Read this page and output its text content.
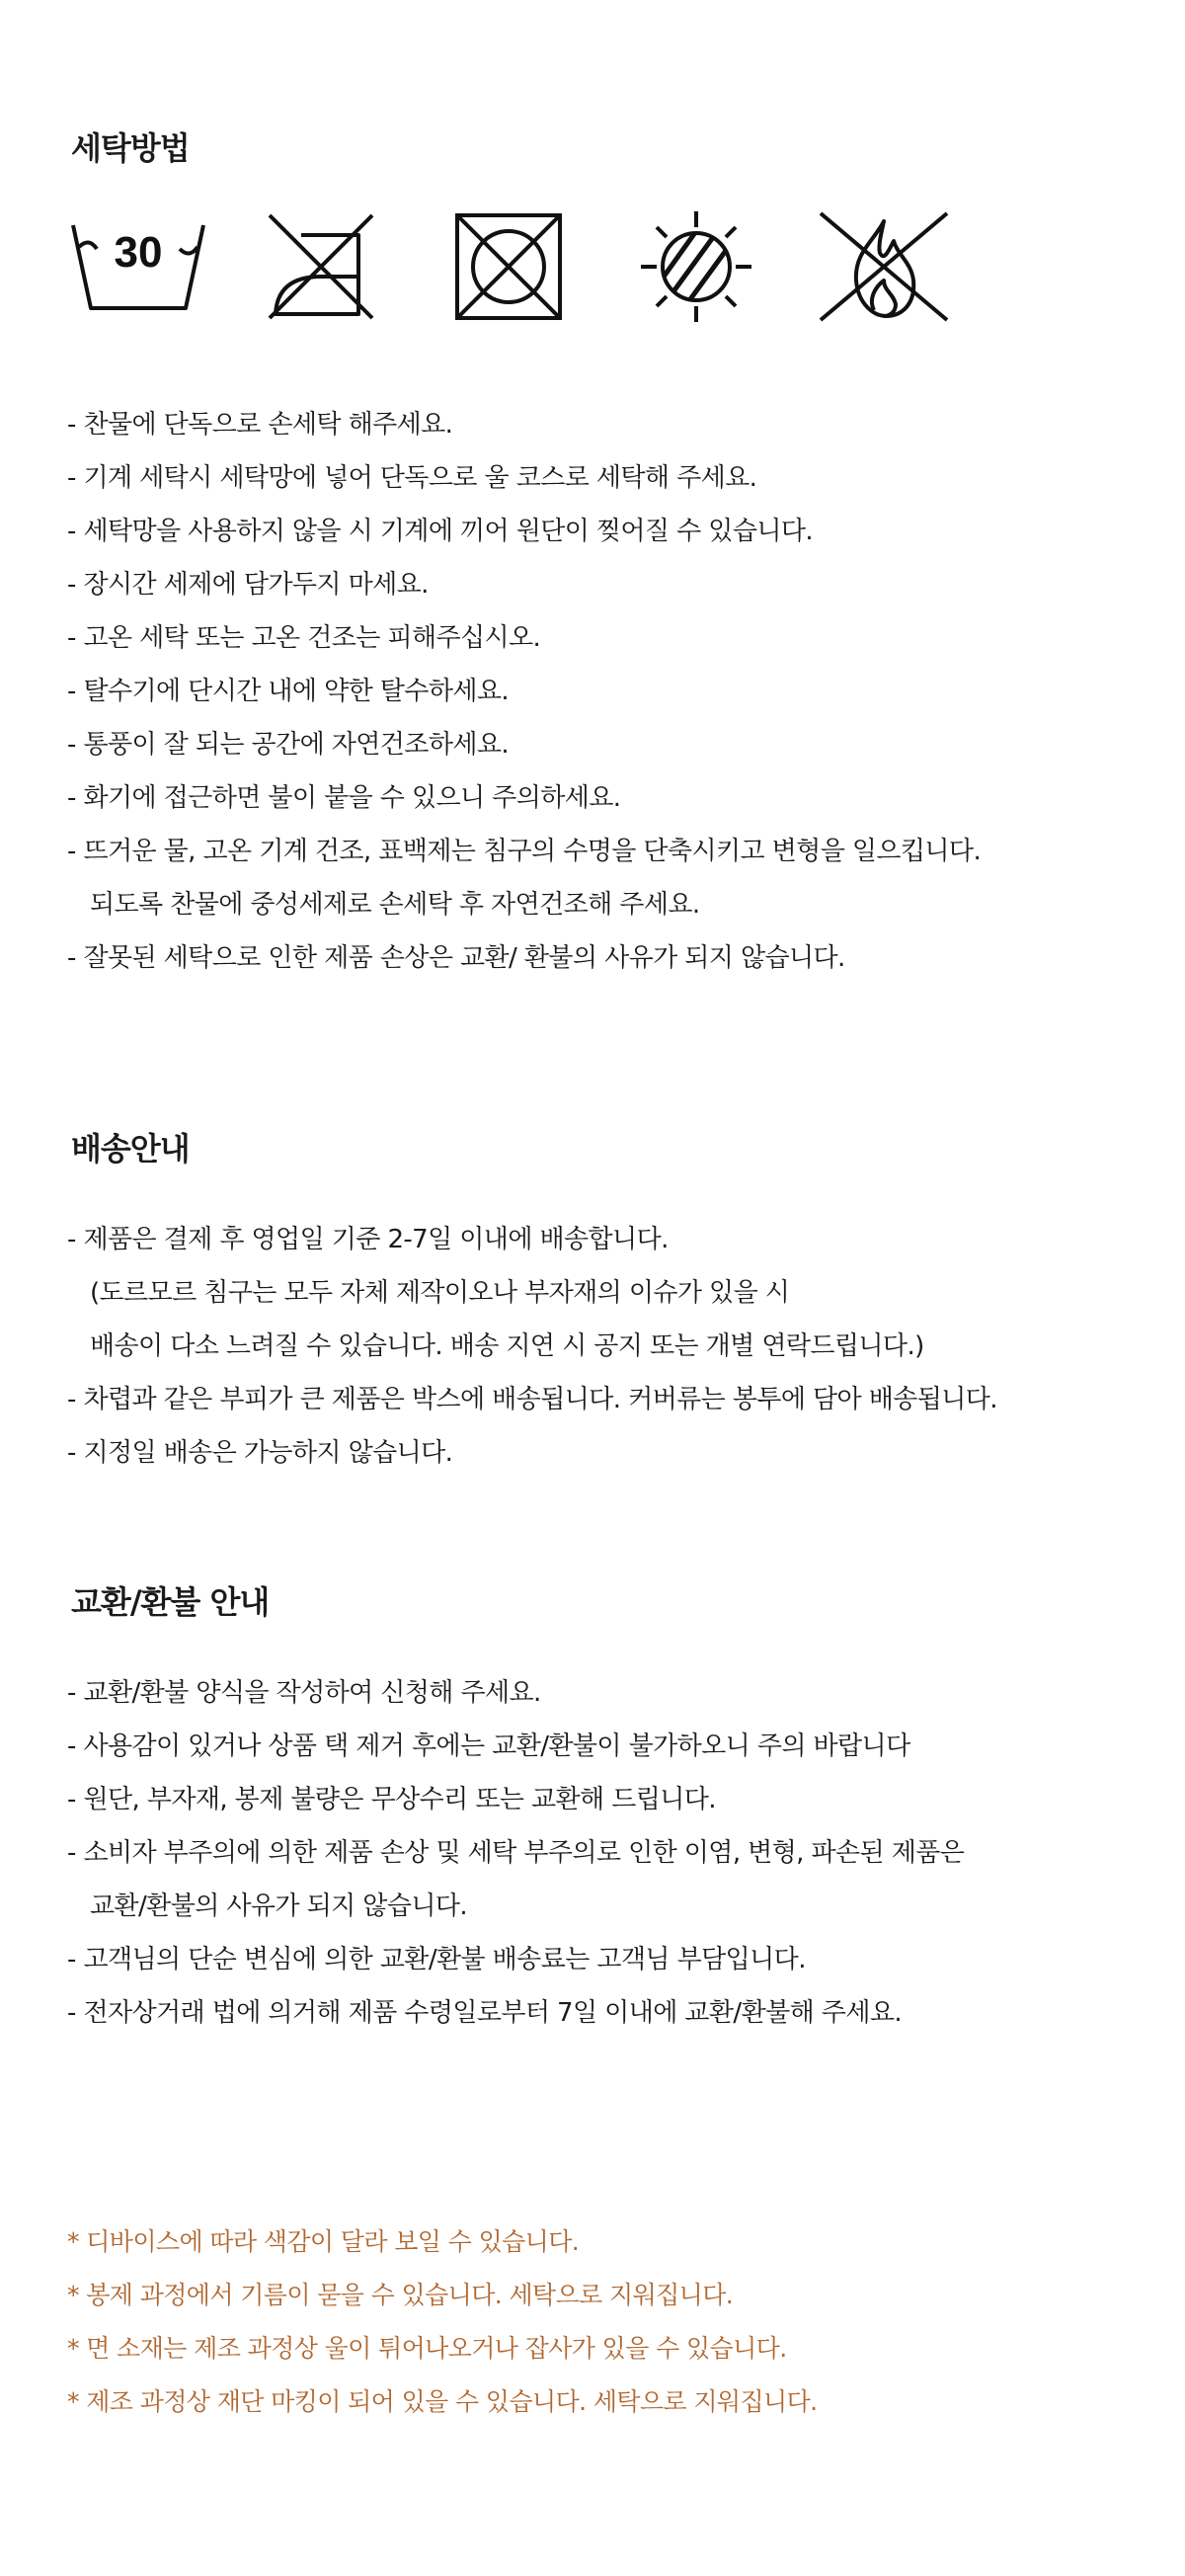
세탁방법
30
- 찬물에 단독으로 손세탁 해주세요.
- 기계 세탁시 세탁망에 넣어 단독으로 울 코스로 세탁해 주세요.
- 세탁망을 사용하지 않을 시 기계에 끼어 원단이 찢어질 수 있습니다.
- 장시간 세제에 담가두지 마세요.
- 고온 세탁 또는 고온 건조는 피해주십시오.
- 탈수기에 단시간 내에 약한 탈수하세요.
- 통풍이 잘 되는 공간에 자연건조하세요.
- 화기에 접근하면 불이 붙을 수 있으니 주의하세요.
- 뜨거운 물, 고온 기계 건조, 표백제는 침구의 수명을 단축시키고 변형을 일으킵니다.
되도록 찬물에 중성세제로 손세탁 후 자연건조해 주세요.
- 잘못된 세탁으로 인한 제품 손상은 교환/ 환불의 사유가 되지 않습니다.
배송안내
- 제품은 결제 후 영업일 기준 2-7일 이내에 배송합니다.
(도르모르 침구는 모두 자체 제작이오나 부자재의 이슈가 있을 시
배송이 다소 느려질 수 있습니다. 배송 지연 시 공지 또는 개별 연락드립니다.)
- 차렵과 같은 부피가 큰 제품은 박스에 배송됩니다. 커버류는 봉투에 담아 배송됩니다.
- 지정일 배송은 가능하지 않습니다.
교환/환불 안내
- 교환/환불 양식을 작성하여 신청해 주세요.
- 사용감이 있거나 상품 택 제거 후에는 교환/환불이 불가하오니 주의 바랍니다
- 원단, 부자재, 봉제 불량은 무상수리 또는 교환해 드립니다.
- 소비자 부주의에 의한 제품 손상 및 세탁 부주의로 인한 이염, 변형, 파손된 제품은
교환/환불의 사유가 되지 않습니다.
- 고객님의 단순 변심에 의한 교환/환불 배송료는 고객님 부담입니다.
- 전자상거래 법에 의거해 제품 수령일로부터 7일 이내에 교환/환불해 주세요.
* 디바이스에 따라 색감이 달라 보일 수 있습니다.
* 봉제 과정에서 기름이 묻을 수 있습니다. 세탁으로 지워집니다.
* 면 소재는 제조 과정상 울이 튀어나오거나 잡사가 있을 수 있습니다.
* 제조 과정상 재단 마킹이 되어 있을 수 있습니다. 세탁으로 지워집니다.
